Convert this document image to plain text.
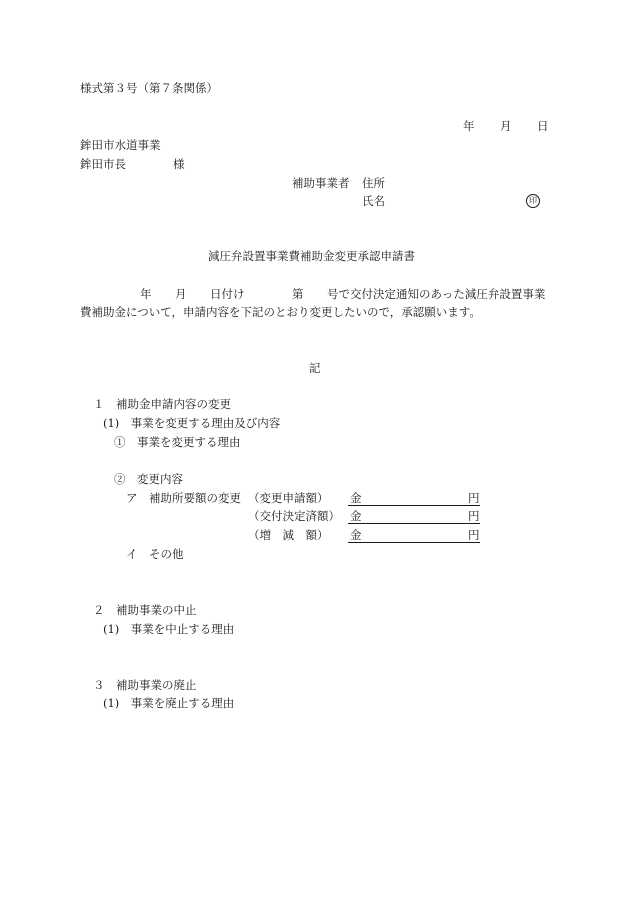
様式第３号（第７条関係）
年 月 日
鉾田市水道事業
鉾田市長	様
補助事業者 住所
氏名	印
減圧弁設置事業費補助金変更承認申請書
年 月 日付け	第 号で交付決定通知のあった減圧弁設置事業
費補助金について，申請内容を下記のとおり変更したいので，承認願います。
記
１　補助金申請内容の変更
(1)　事業を変更する理由及び内容
①　事業を変更する理由
②　変更内容
ア　補助所要額の変更 （変更申請額） 金	円
（交付決定済額） 金	円
（増　減　額） 金	円
イ　その他
２　補助事業の中止
(1)　事業を中止する理由
３　補助事業の廃止
(1)　事業を廃止する理由
